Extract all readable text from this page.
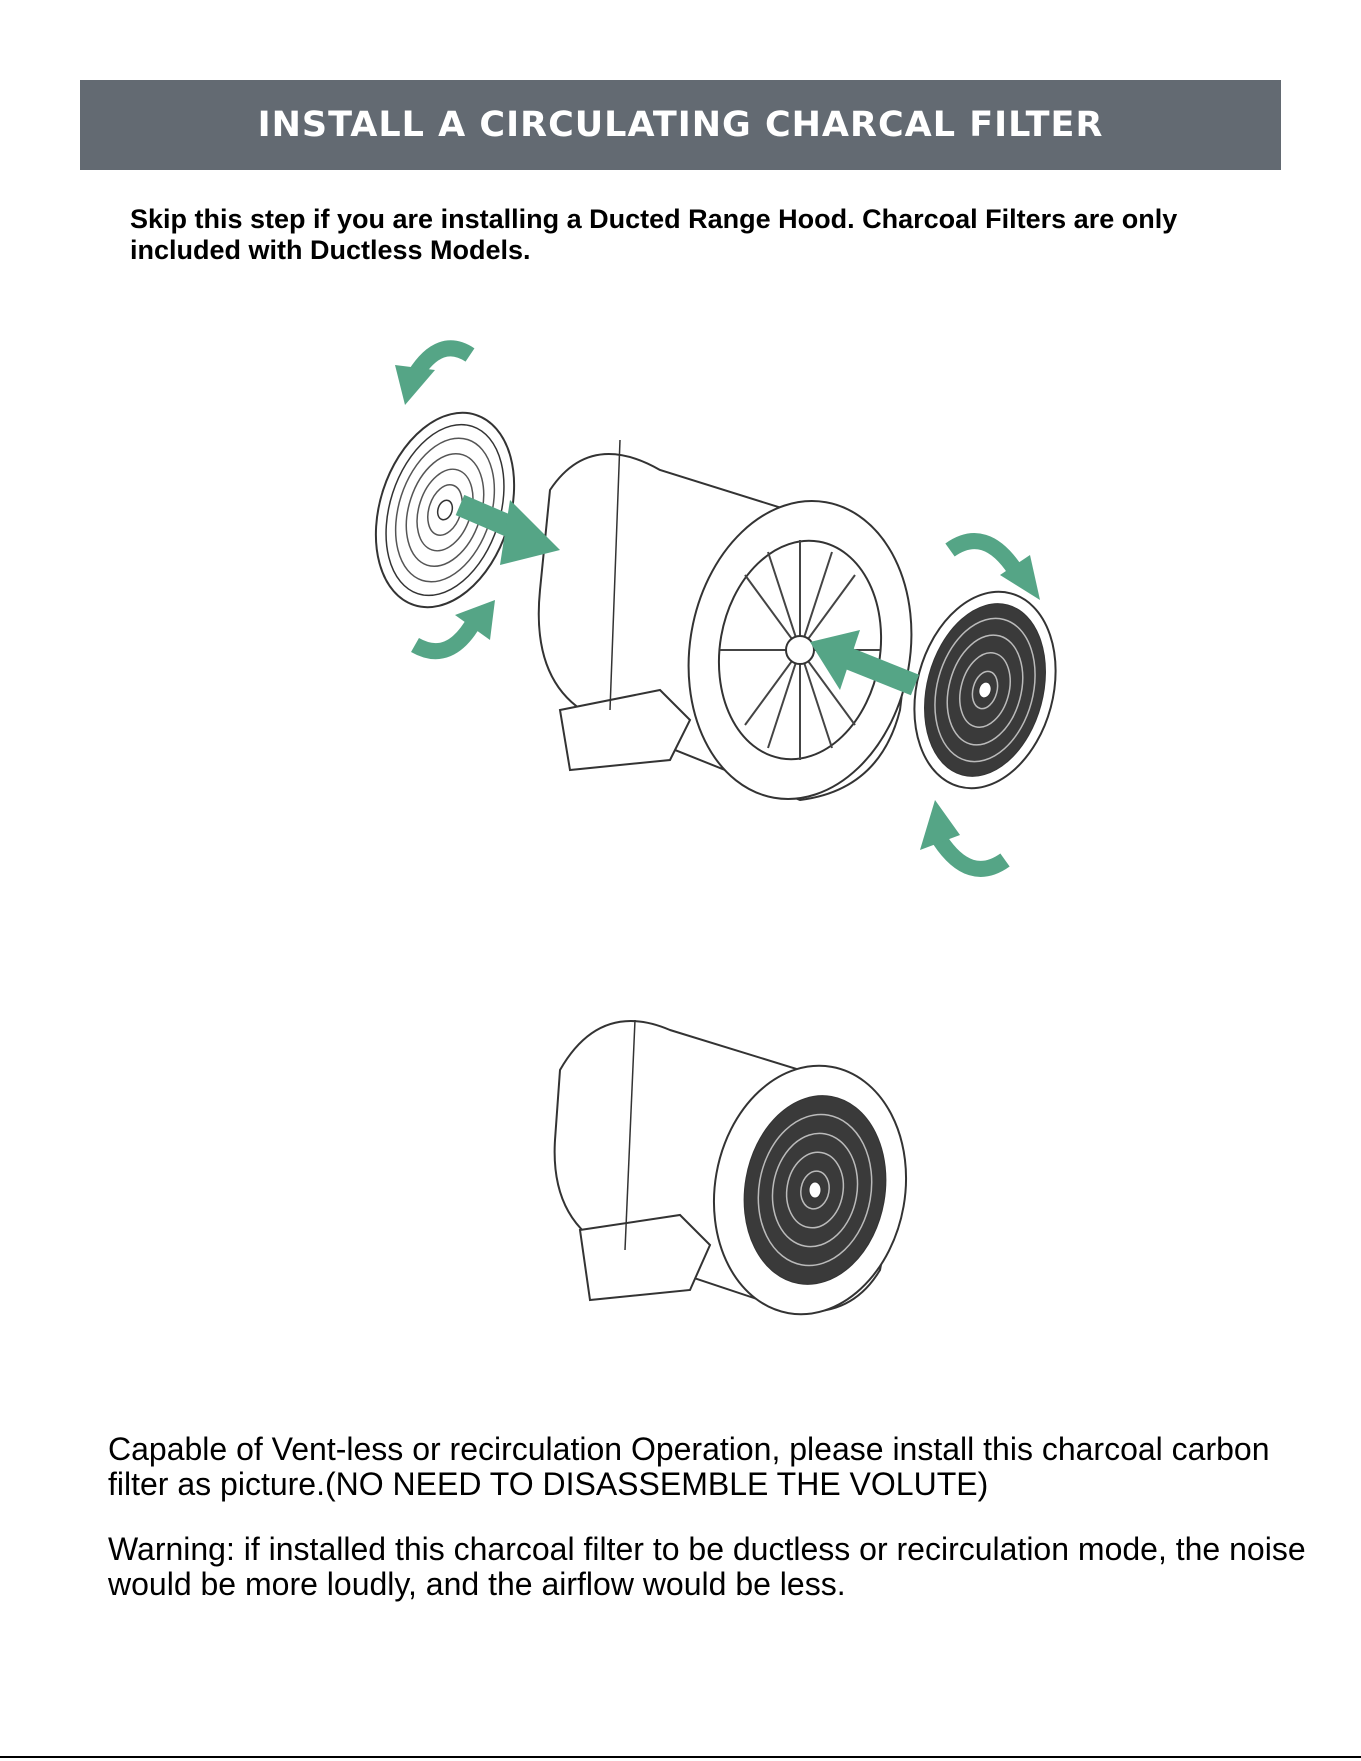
INSTALL A CIRCULATING CHARCAL FILTER
Skip this step if you are installing a Ducted Range Hood. Charcoal Filters are only included with Ductless Models.
Capable of Vent-less or recirculation Operation, please install this charcoal carbon filter as picture.(NO NEED TO DISASSEMBLE THE VOLUTE)
Warning: if installed this charcoal filter to be ductless or recirculation mode, the noise would be more loudly, and the airflow would be less.
